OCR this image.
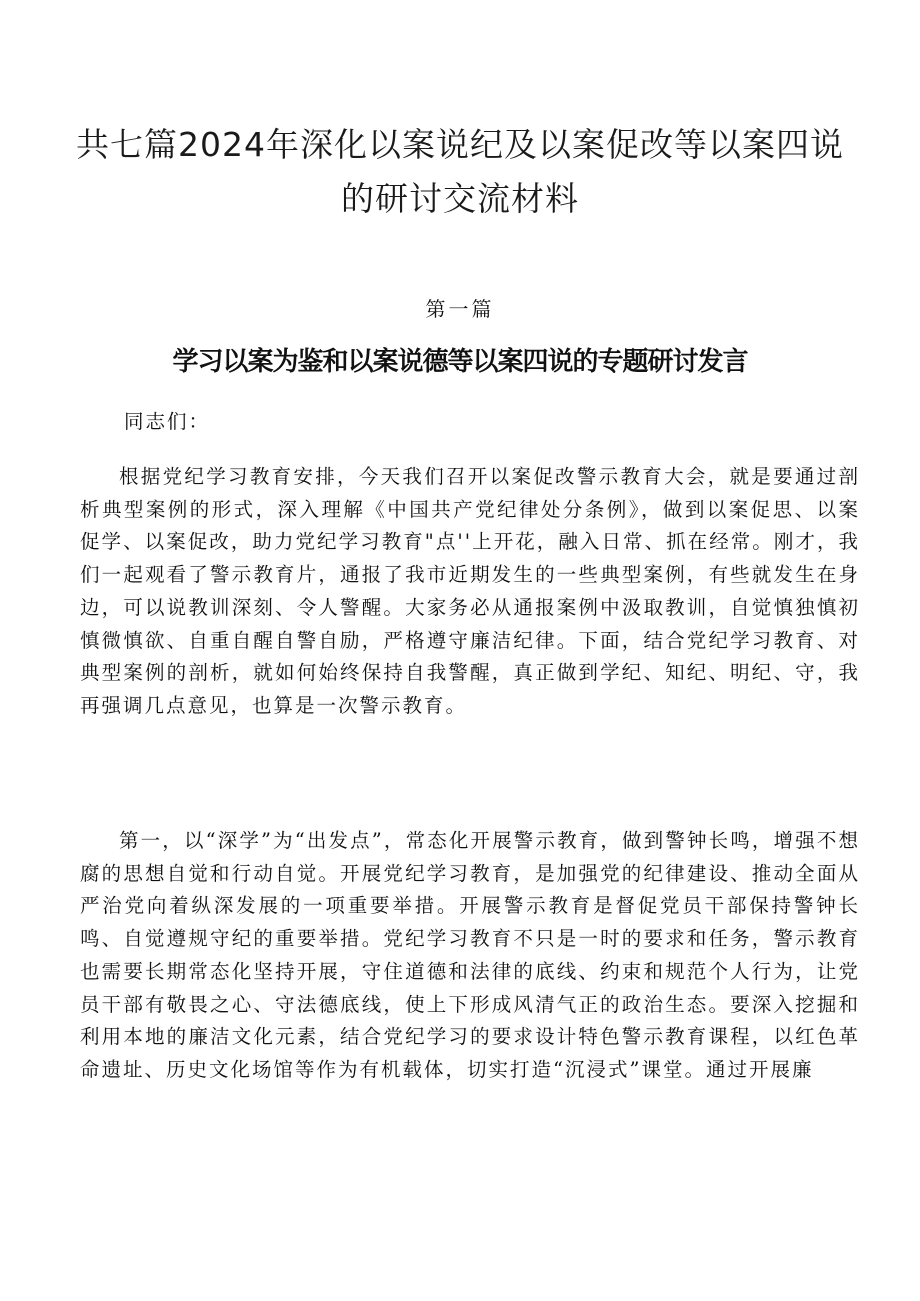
共七篇2024年深化以案说纪及以案促改等以案四说的研讨交流材料
第一篇
学习以案为鉴和以案说德等以案四说的专题研讨发言

同志们：

根据党纪学习教育安排，今天我们召开以案促改警示教育大会，就是要通过剖析典型案例的形式，深入理解《中国共产党纪律处分条例》，做到以案促思、以案促学、以案促改，助力党纪学习教育"点''上开花，融入日常、抓在经常。刚才，我们一起观看了警示教育片，通报了我市近期发生的一些典型案例，有些就发生在身边，可以说教训深刻、令人警醒。大家务必从通报案例中汲取教训，自觉慎独慎初慎微慎欲、自重自醒自警自励，严格遵守廉洁纪律。下面，结合党纪学习教育、对典型案例的剖析，就如何始终保持自我警醒，真正做到学纪、知纪、明纪、守，我再强调几点意见，也算是一次警示教育。

第一，以“深学”为“出发点”，常态化开展警示教育，做到警钟长鸣，增强不想腐的思想自觉和行动自觉。开展党纪学习教育，是加强党的纪律建设、推动全面从严治党向着纵深发展的一项重要举措。开展警示教育是督促党员干部保持警钟长鸣、自觉遵规守纪的重要举措。党纪学习教育不只是一时的要求和任务，警示教育也需要长期常态化坚持开展，守住道德和法律的底线、约束和规范个人行为，让党员干部有敬畏之心、守法德底线，使上下形成风清气正的政治生态。要深入挖掘和利用本地的廉洁文化元素，结合党纪学习的要求设计特色警示教育课程，以红色革命遗址、历史文化场馆等作为有机载体，切实打造“沉浸式”课堂。通过开展廉
